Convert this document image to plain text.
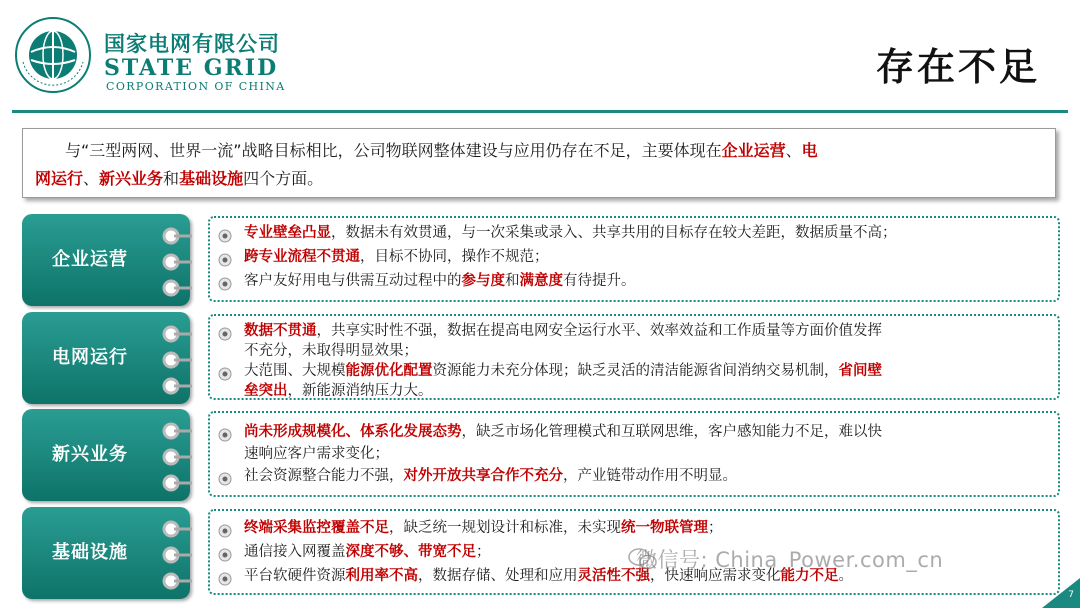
国家电网有限公司
STATE GRID
CORPORATION OF CHINA	存在不足
与“三型两网、世界一流”战略目标相比，公司物联网整体建设与应用仍存在不足，主要体现在企业运营、电
网运行、新兴业务和基础设施四个方面。
企业运营
专业壁垒凸显，数据未有效贯通，与一次采集或录入、共享共用的目标存在较大差距，数据质量不高；
跨专业流程不贯通，目标不协同，操作不规范；
客户友好用电与供需互动过程中的参与度和满意度有待提升。
电网运行
数据不贯通，共享实时性不强，数据在提高电网安全运行水平、效率效益和工作质量等方面价值发挥
不充分，未取得明显效果；
大范围、大规模能源优化配置资源能力未充分体现；缺乏灵活的清洁能源省间消纳交易机制，省间壁
垒突出，新能源消纳压力大。
新兴业务
尚未形成规模化、体系化发展态势，缺乏市场化管理模式和互联网思维，客户感知能力不足，难以快
速响应客户需求变化；
社会资源整合能力不强，对外开放共享合作不充分，产业链带动作用不明显。
基础设施
终端采集监控覆盖不足，缺乏统一规划设计和标准，未实现统一物联管理；
通信接入网覆盖深度不够、带宽不足；
平台软硬件资源利用率不高，数据存储、处理和应用灵活性不强，快速响应需求变化能力不足。
微信号: China_Power.com_cn
7
